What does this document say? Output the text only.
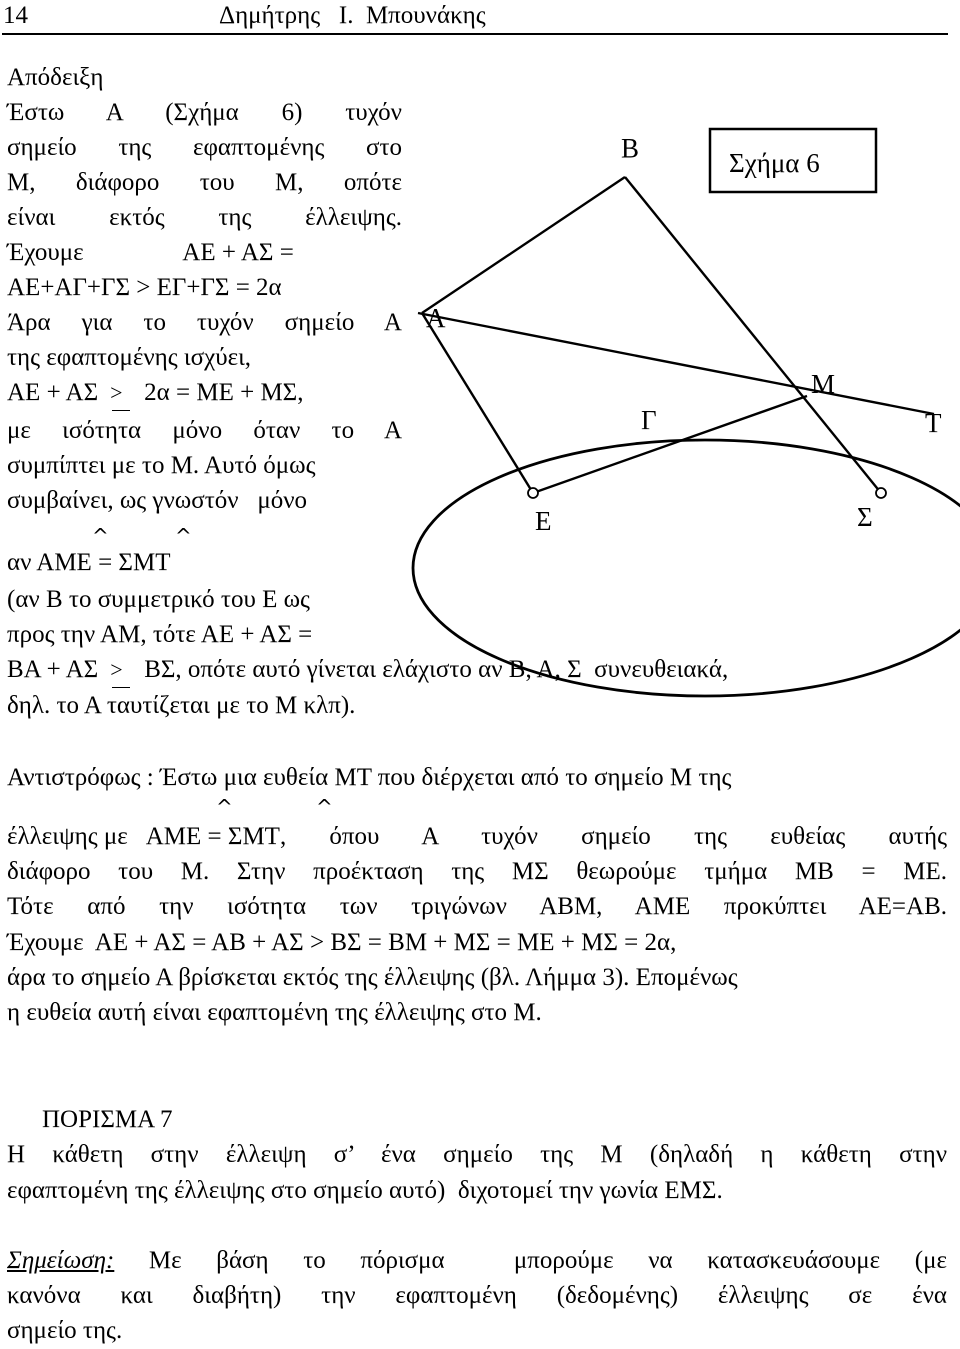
14	Δημήτρης   Ι.  Μπουνάκης
Σχήμα 6
Β
Α
Μ
Γ	Τ
Ε	Σ
Απόδειξη
Έστω Α (Σχήμα 6) τυχόν
σημείο της εφαπτομένης στο
Μ, διάφορο του Μ, οπότε
είναι εκτός της έλλειψης.
Έχουμε                ΑΕ + ΑΣ =
ΑΕ+ΑΓ+ΓΣ > ΕΓ+ΓΣ = 2α
Άρα για το τυχόν σημείο Α
της εφαπτομένης ισχύει,
ΑΕ + ΑΣ > 2α = ΜΕ + ΜΣ,
με ισότητα μόνο όταν το Α
συμπίπτει με το Μ. Αυτό όμως
συμβαίνει, ως γνωστόν   μόνο
^	^
αν ΑΜΕ = ΣΜΤ
(αν Β το συμμετρικό του Ε ως
προς την ΑΜ, τότε ΑΕ + ΑΣ =
ΒΑ + ΑΣ > ΒΣ, οπότε αυτό γίνεται ελάχιστο αν Β, Α, Σ  συνευθειακά,
δηλ. το Α ταυτίζεται με το Μ κλπ).
Αντιστρόφως : Έστω μια ευθεία ΜΤ που διέρχεται από το σημείο Μ της
^	^
έλλειψης με ΑΜΕ = ΣΜΤ , όπου Α τυχόν σημείο της ευθείας αυτής
διάφορο του Μ. Στην προέκταση της ΜΣ θεωρούμε τμήμα ΜΒ = ΜΕ.
Τότε από την ισότητα των τριγώνων ΑΒΜ, ΑΜΕ προκύπτει ΑΕ=ΑΒ.
Έχουμε  ΑΕ + ΑΣ = ΑΒ + ΑΣ > ΒΣ = ΒΜ + ΜΣ = ΜΕ + ΜΣ = 2α,
άρα το σημείο Α βρίσκεται εκτός της έλλειψης (βλ. Λήμμα 3). Επομένως
η ευθεία αυτή είναι εφαπτομένη της έλλειψης στο Μ.
ΠΟΡΙΣΜΑ 7
Η κάθετη στην έλλειψη σ’ ένα σημείο της Μ (δηλαδή η κάθετη στην
εφαπτομένη της έλλειψης στο σημείο αυτό)  διχοτομεί την γωνία ΕΜΣ.
Σημείωση: Με βάση το πόρισμα  μπορούμε να κατασκευάσουμε (με
κανόνα και διαβήτη) την εφαπτομένη (δεδομένης) έλλειψης σε ένα
σημείο της.
